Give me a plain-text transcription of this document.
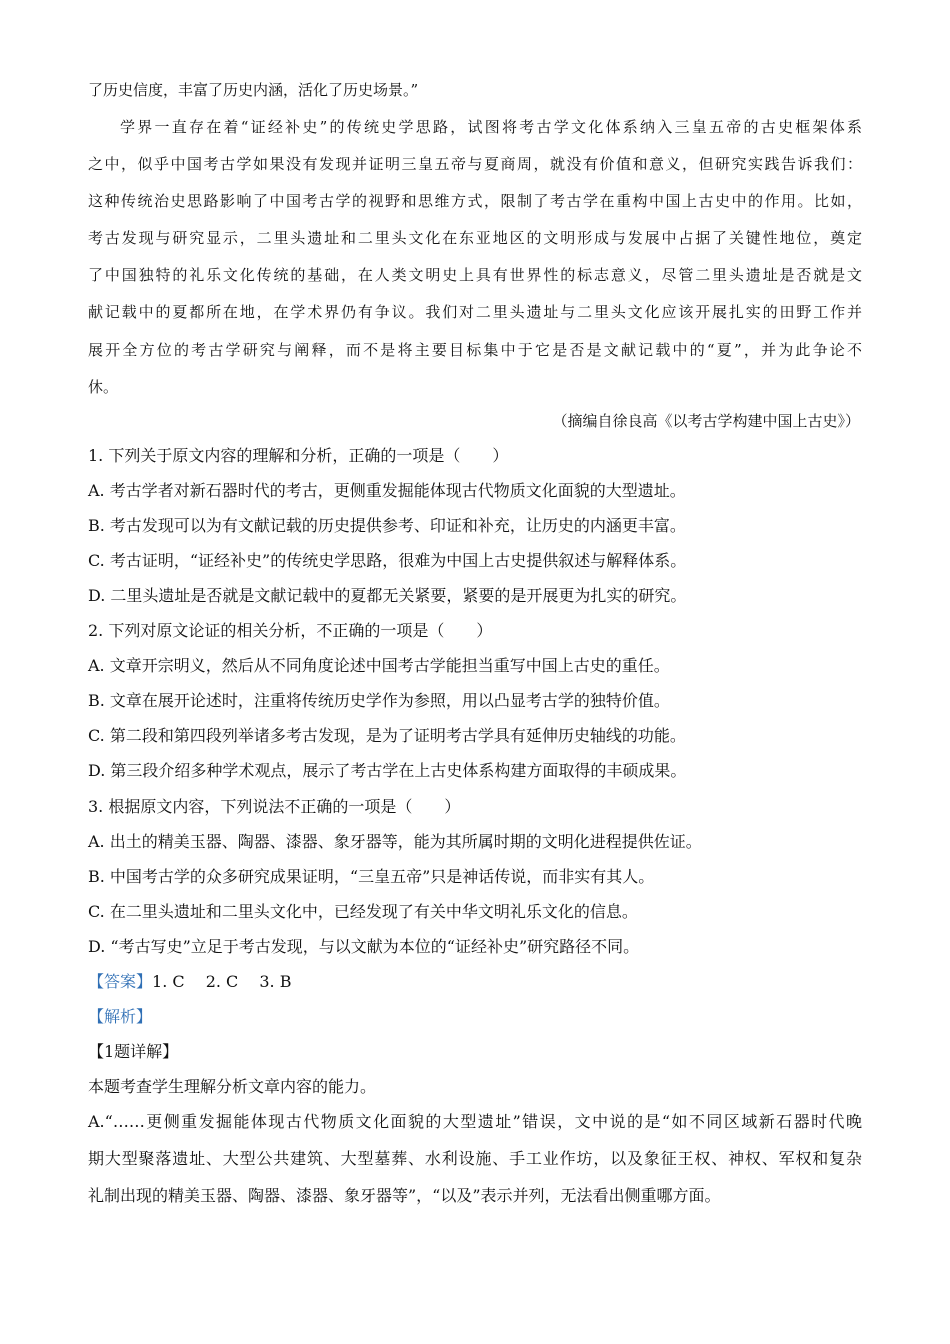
了历史信度，丰富了历史内涵，活化了历史场景。”
学界一直存在着“证经补史”的传统史学思路，试图将考古学文化体系纳入三皇五帝的古史框架体系
之中，似乎中国考古学如果没有发现并证明三皇五帝与夏商周，就没有价值和意义，但研究实践告诉我们：
这种传统治史思路影响了中国考古学的视野和思维方式，限制了考古学在重构中国上古史中的作用。比如，
考古发现与研究显示，二里头遗址和二里头文化在东亚地区的文明形成与发展中占据了关键性地位，奠定
了中国独特的礼乐文化传统的基础，在人类文明史上具有世界性的标志意义，尽管二里头遗址是否就是文
献记载中的夏都所在地，在学术界仍有争议。我们对二里头遗址与二里头文化应该开展扎实的田野工作并
展开全方位的考古学研究与阐释，而不是将主要目标集中于它是否是文献记载中的“夏”，并为此争论不
休。
（摘编自徐良高《以考古学构建中国上古史》）
1. 下列关于原文内容的理解和分析，正确的一项是（　　）
A. 考古学者对新石器时代的考古，更侧重发掘能体现古代物质文化面貌的大型遗址。
B. 考古发现可以为有文献记载的历史提供参考、印证和补充，让历史的内涵更丰富。
C. 考古证明，“证经补史”的传统史学思路，很难为中国上古史提供叙述与解释体系。
D. 二里头遗址是否就是文献记载中的夏都无关紧要，紧要的是开展更为扎实的研究。
2. 下列对原文论证的相关分析，不正确的一项是（　　）
A. 文章开宗明义，然后从不同角度论述中国考古学能担当重写中国上古史的重任。
B. 文章在展开论述时，注重将传统历史学作为参照，用以凸显考古学的独特价值。
C. 第二段和第四段列举诸多考古发现，是为了证明考古学具有延伸历史轴线的功能。
D. 第三段介绍多种学术观点，展示了考古学在上古史体系构建方面取得的丰硕成果。
3. 根据原文内容，下列说法不正确的一项是（　　）
A. 出土的精美玉器、陶器、漆器、象牙器等，能为其所属时期的文明化进程提供佐证。
B. 中国考古学的众多研究成果证明，“三皇五帝”只是神话传说，而非实有其人。
C. 在二里头遗址和二里头文化中，已经发现了有关中华文明礼乐文化的信息。
D. “考古写史”立足于考古发现，与以文献为本位的“证经补史”研究路径不同。
【答案】1. C　 2. C　 3. B
【解析】
【1题详解】
本题考查学生理解分析文章内容的能力。
A.“……更侧重发掘能体现古代物质文化面貌的大型遗址”错误，文中说的是“如不同区域新石器时代晚
期大型聚落遗址、大型公共建筑、大型墓葬、水利设施、手工业作坊，以及象征王权、神权、军权和复杂
礼制出现的精美玉器、陶器、漆器、象牙器等”，“以及”表示并列，无法看出侧重哪方面。
